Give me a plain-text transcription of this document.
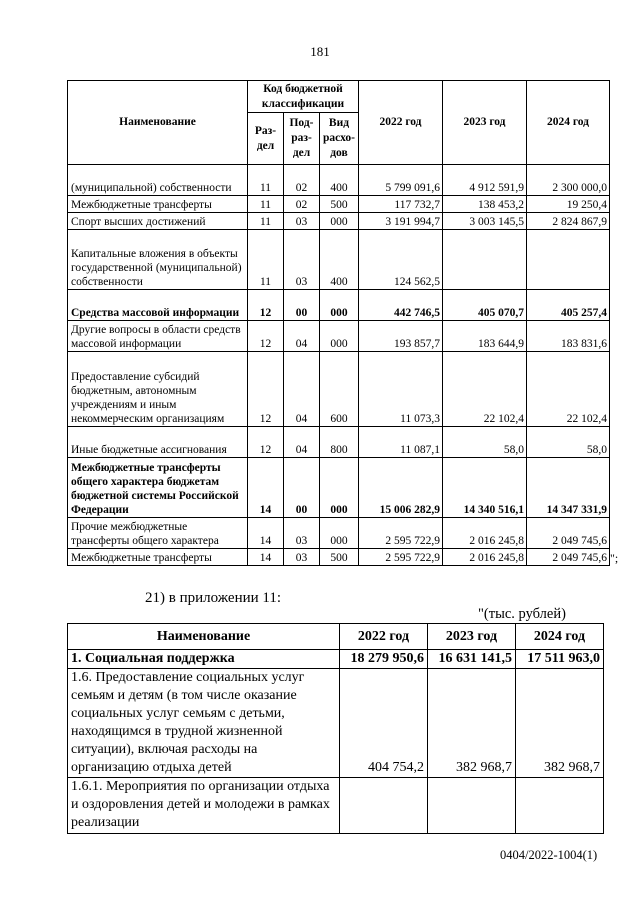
181
Наименование	Код бюджетной классификации			2022 год	2023 год	2024 год
	Раз-дел	Под-раз-дел	Вид расхо-дов			
(муниципальной) собственности	11	02	400	5 799 091,6	4 912 591,9	2 300 000,0
Межбюджетные трансферты	11	02	500	117 732,7	138 453,2	19 250,4
Спорт высших достижений	11	03	000	3 191 994,7	3 003 145,5	2 824 867,9
Капитальные вложения в объекты государственной (муниципальной) собственности	11	03	400	124 562,5		
Средства массовой информации	12	00	000	442 746,5	405 070,7	405 257,4
Другие вопросы в области средств массовой информации	12	04	000	193 857,7	183 644,9	183 831,6
Предоставление субсидий бюджетным, автономным учреждениям и иным некоммерческим организациям	12	04	600	11 073,3	22 102,4	22 102,4
Иные бюджетные ассигнования	12	04	800	11 087,1	58,0	58,0
Межбюджетные трансферты общего характера бюджетам бюджетной системы Российской Федерации	14	00	000	15 006 282,9	14 340 516,1	14 347 331,9
Прочие межбюджетные трансферты общего характера	14	03	000	2 595 722,9	2 016 245,8	2 049 745,6
Межбюджетные трансферты	14	03	500	2 595 722,9	2 016 245,8	2 049 745,6 ";
21) в приложении 11:
"(тыс. рублей)
Наименование	2022 год	2023 год	2024 год
1. Социальная поддержка	18 279 950,6	16 631 141,5	17 511 963,0
1.6. Предоставление социальных услуг семьям и детям (в том числе оказание социальных услуг семьям с детьми, находящимся в трудной жизненной ситуации), включая расходы на организацию отдыха детей	404 754,2	382 968,7	382 968,7
1.6.1. Мероприятия по организации отдыха и оздоровления детей и молодежи в рамках реализации			
0404/2022-1004(1)
